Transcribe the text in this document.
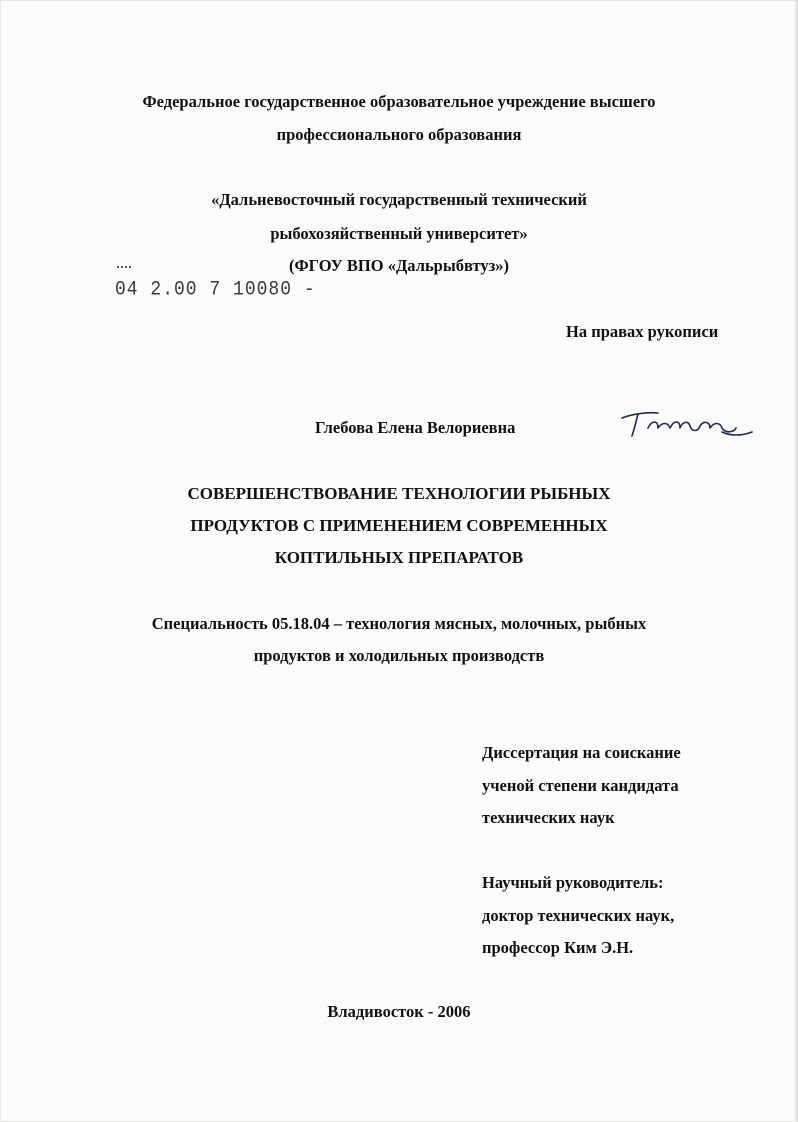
Федеральное государственное образовательное учреждение высшего
профессионального образования
«Дальневосточный государственный технический
рыбохозяйственный университет»
(ФГОУ ВПО «Дальрыбвтуз»)
04 2.00 7 10080 -
На правах рукописи
Глебова Елена Велориевна
СОВЕРШЕНСТВОВАНИЕ ТЕХНОЛОГИИ РЫБНЫХ
ПРОДУКТОВ С ПРИМЕНЕНИЕМ СОВРЕМЕННЫХ
КОПТИЛЬНЫХ ПРЕПАРАТОВ
Специальность 05.18.04 – технология мясных, молочных, рыбных
продуктов и холодильных производств
Диссертация на соискание
ученой степени кандидата
технических наук
Научный руководитель:
доктор технических наук,
профессор Ким Э.Н.
Владивосток - 2006
